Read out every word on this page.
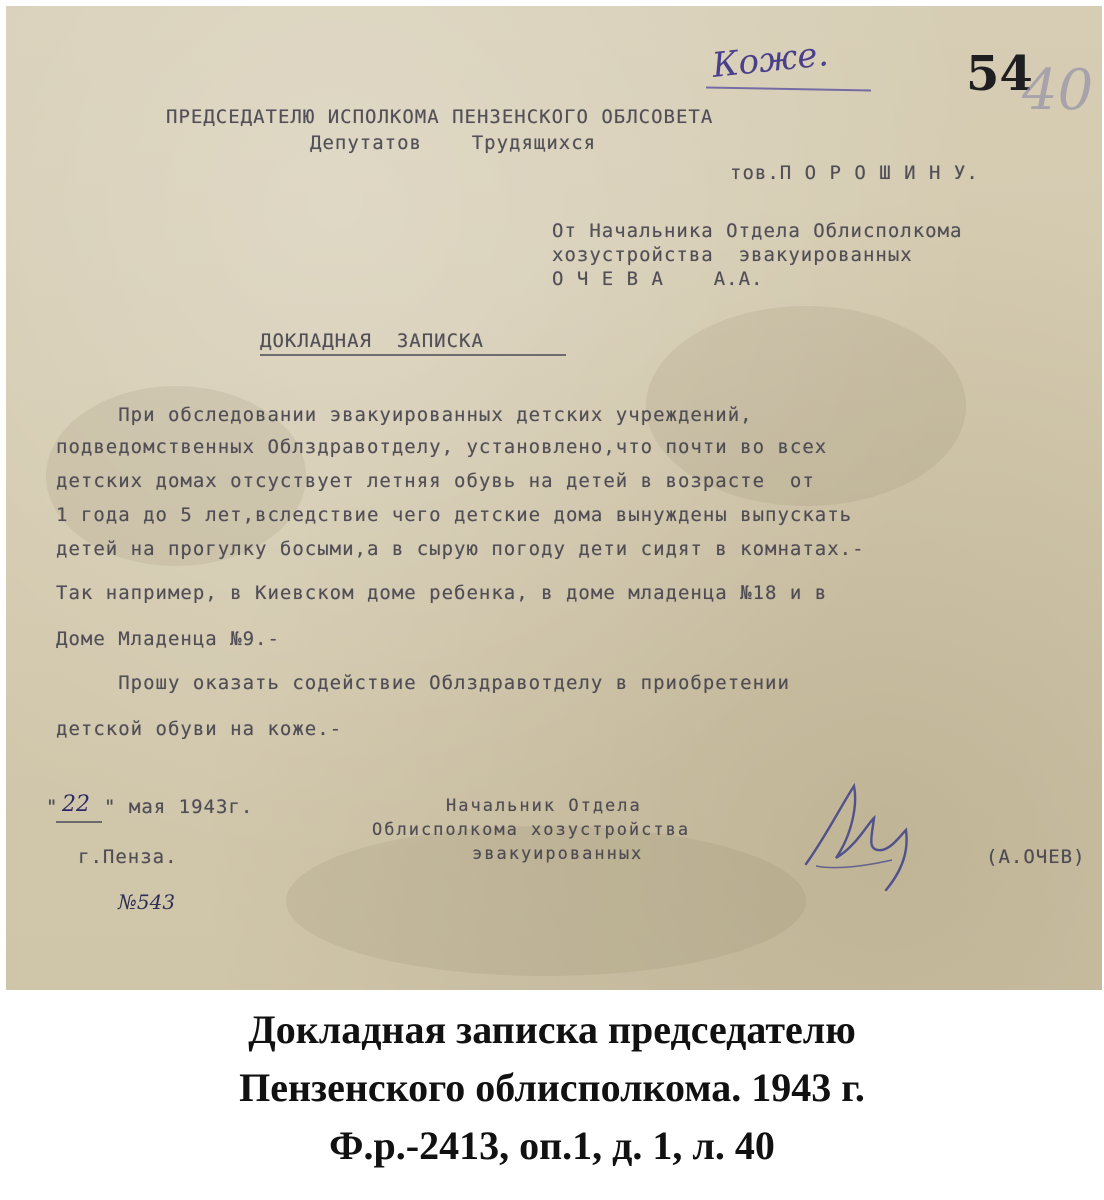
Коже.	54
40
ПРЕДСЕДАТЕЛЮ ИСПОЛКОМА ПЕНЗЕНСКОГО ОБЛСОВЕТА
Депутатов    Трудящихся
тов.П О Р О Ш И Н У.
От Начальника Отдела Облисполкома
хозустройства  эвакуированных
О Ч Е В А    А.А.
ДОКЛАДНАЯ  ЗАПИСКА
При обследовании эвакуированных детских учреждений,
подведомственных Облздравотделу, установлено,что почти во всех
детских домах отсуствует летняя обувь на детей в возрасте  от
1 года до 5 лет,вследствие чего детские дома вынуждены выпускать
детей на прогулку босыми,а в сырую погоду дети сидят в комнатах.-
Так например, в Киевском доме ребенка, в доме младенца №18 и в
Доме Младенца №9.-
Прошу оказать содействие Облздравотделу в приобретении
детской обуви на коже.-
" 22 " мая 1943г.
г.Пенза.
№543
Начальник Отдела
Облисполкома хозустройства
эвакуированных	(А.ОЧЕВ)
Докладная записка председателю
Пензенского облисполкома. 1943 г.
Ф.р.-2413, оп.1, д. 1, л. 40
